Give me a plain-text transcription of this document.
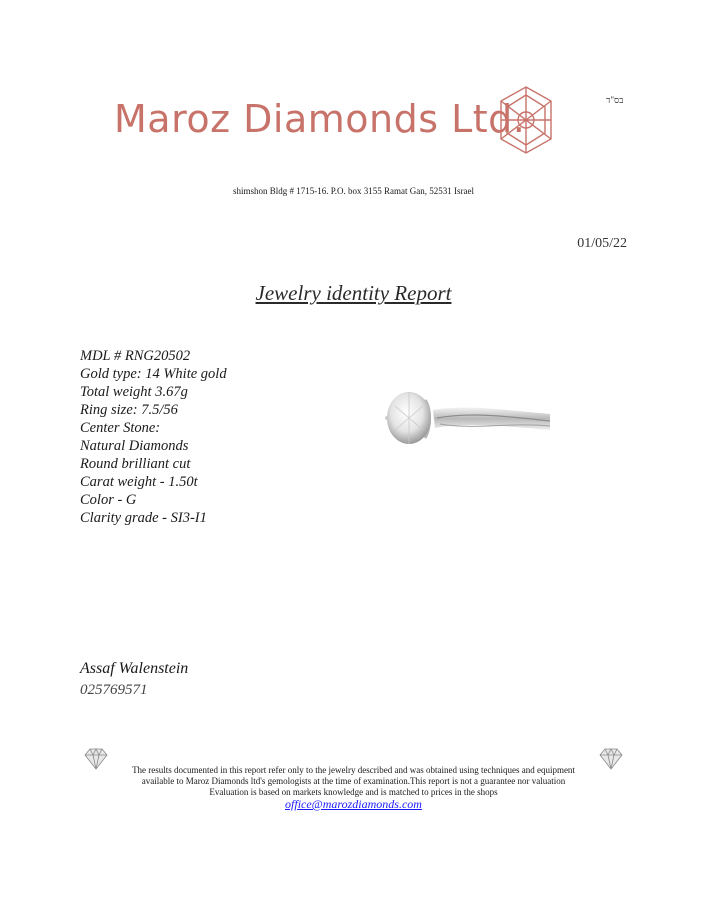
בס"ד
Maroz Diamonds Ltd.
shimshon Bldg # 1715-16. P.O. box 3155 Ramat Gan, 52531 Israel
01/05/22
Jewelry identity Report
MDL # RNG20502
Gold type: 14 White gold
Total weight 3.67g
Ring size: 7.5/56
Center Stone:
Natural Diamonds
Round brilliant cut
Carat weight - 1.50t
Color - G
Clarity grade - SI3-I1
Assaf Walenstein
025769571
The results documented in this report refer only to the jewelry described and was obtained using techniques and equipment
available to Maroz Diamonds ltd's gemologists at the time of examination.This report is not a guarantee nor valuation
Evaluation is based on markets knowledge and is matched to prices in the shops
office@marozdiamonds.com
